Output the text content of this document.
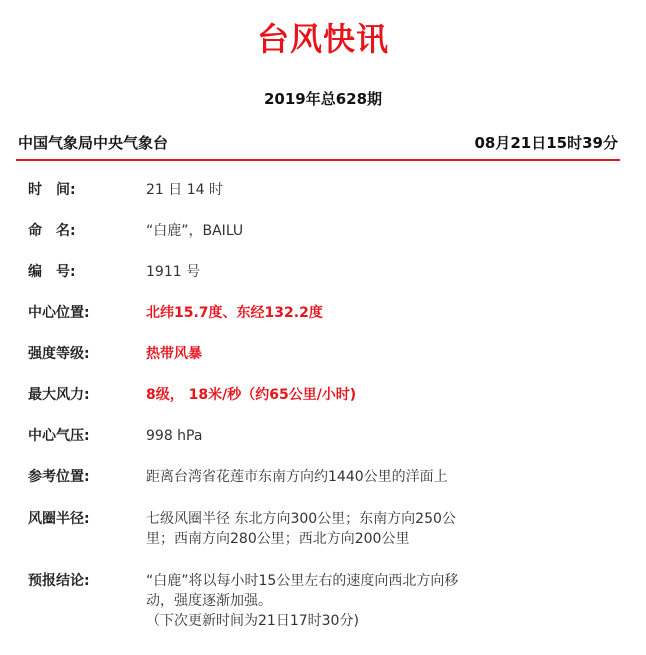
台风快讯
2019年总628期
中国气象局中央气象台	08月21日15时39分
时　间:	21 日 14 时
命　名:	“白鹿”，BAILU
编　号:	1911 号
中心位置:	北纬15.7度、东经132.2度
强度等级:	热带风暴
最大风力:	8级， 18米/秒（约65公里/小时)
中心气压:	998 hPa
参考位置:	距离台湾省花莲市东南方向约1440公里的洋面上
风圈半径:	七级风圈半径 东北方向300公里；东南方向250公里；西南方向280公里；西北方向200公里
预报结论:	“白鹿”将以每小时15公里左右的速度向西北方向移动，强度逐渐加强。
（下次更新时间为21日17时30分)
